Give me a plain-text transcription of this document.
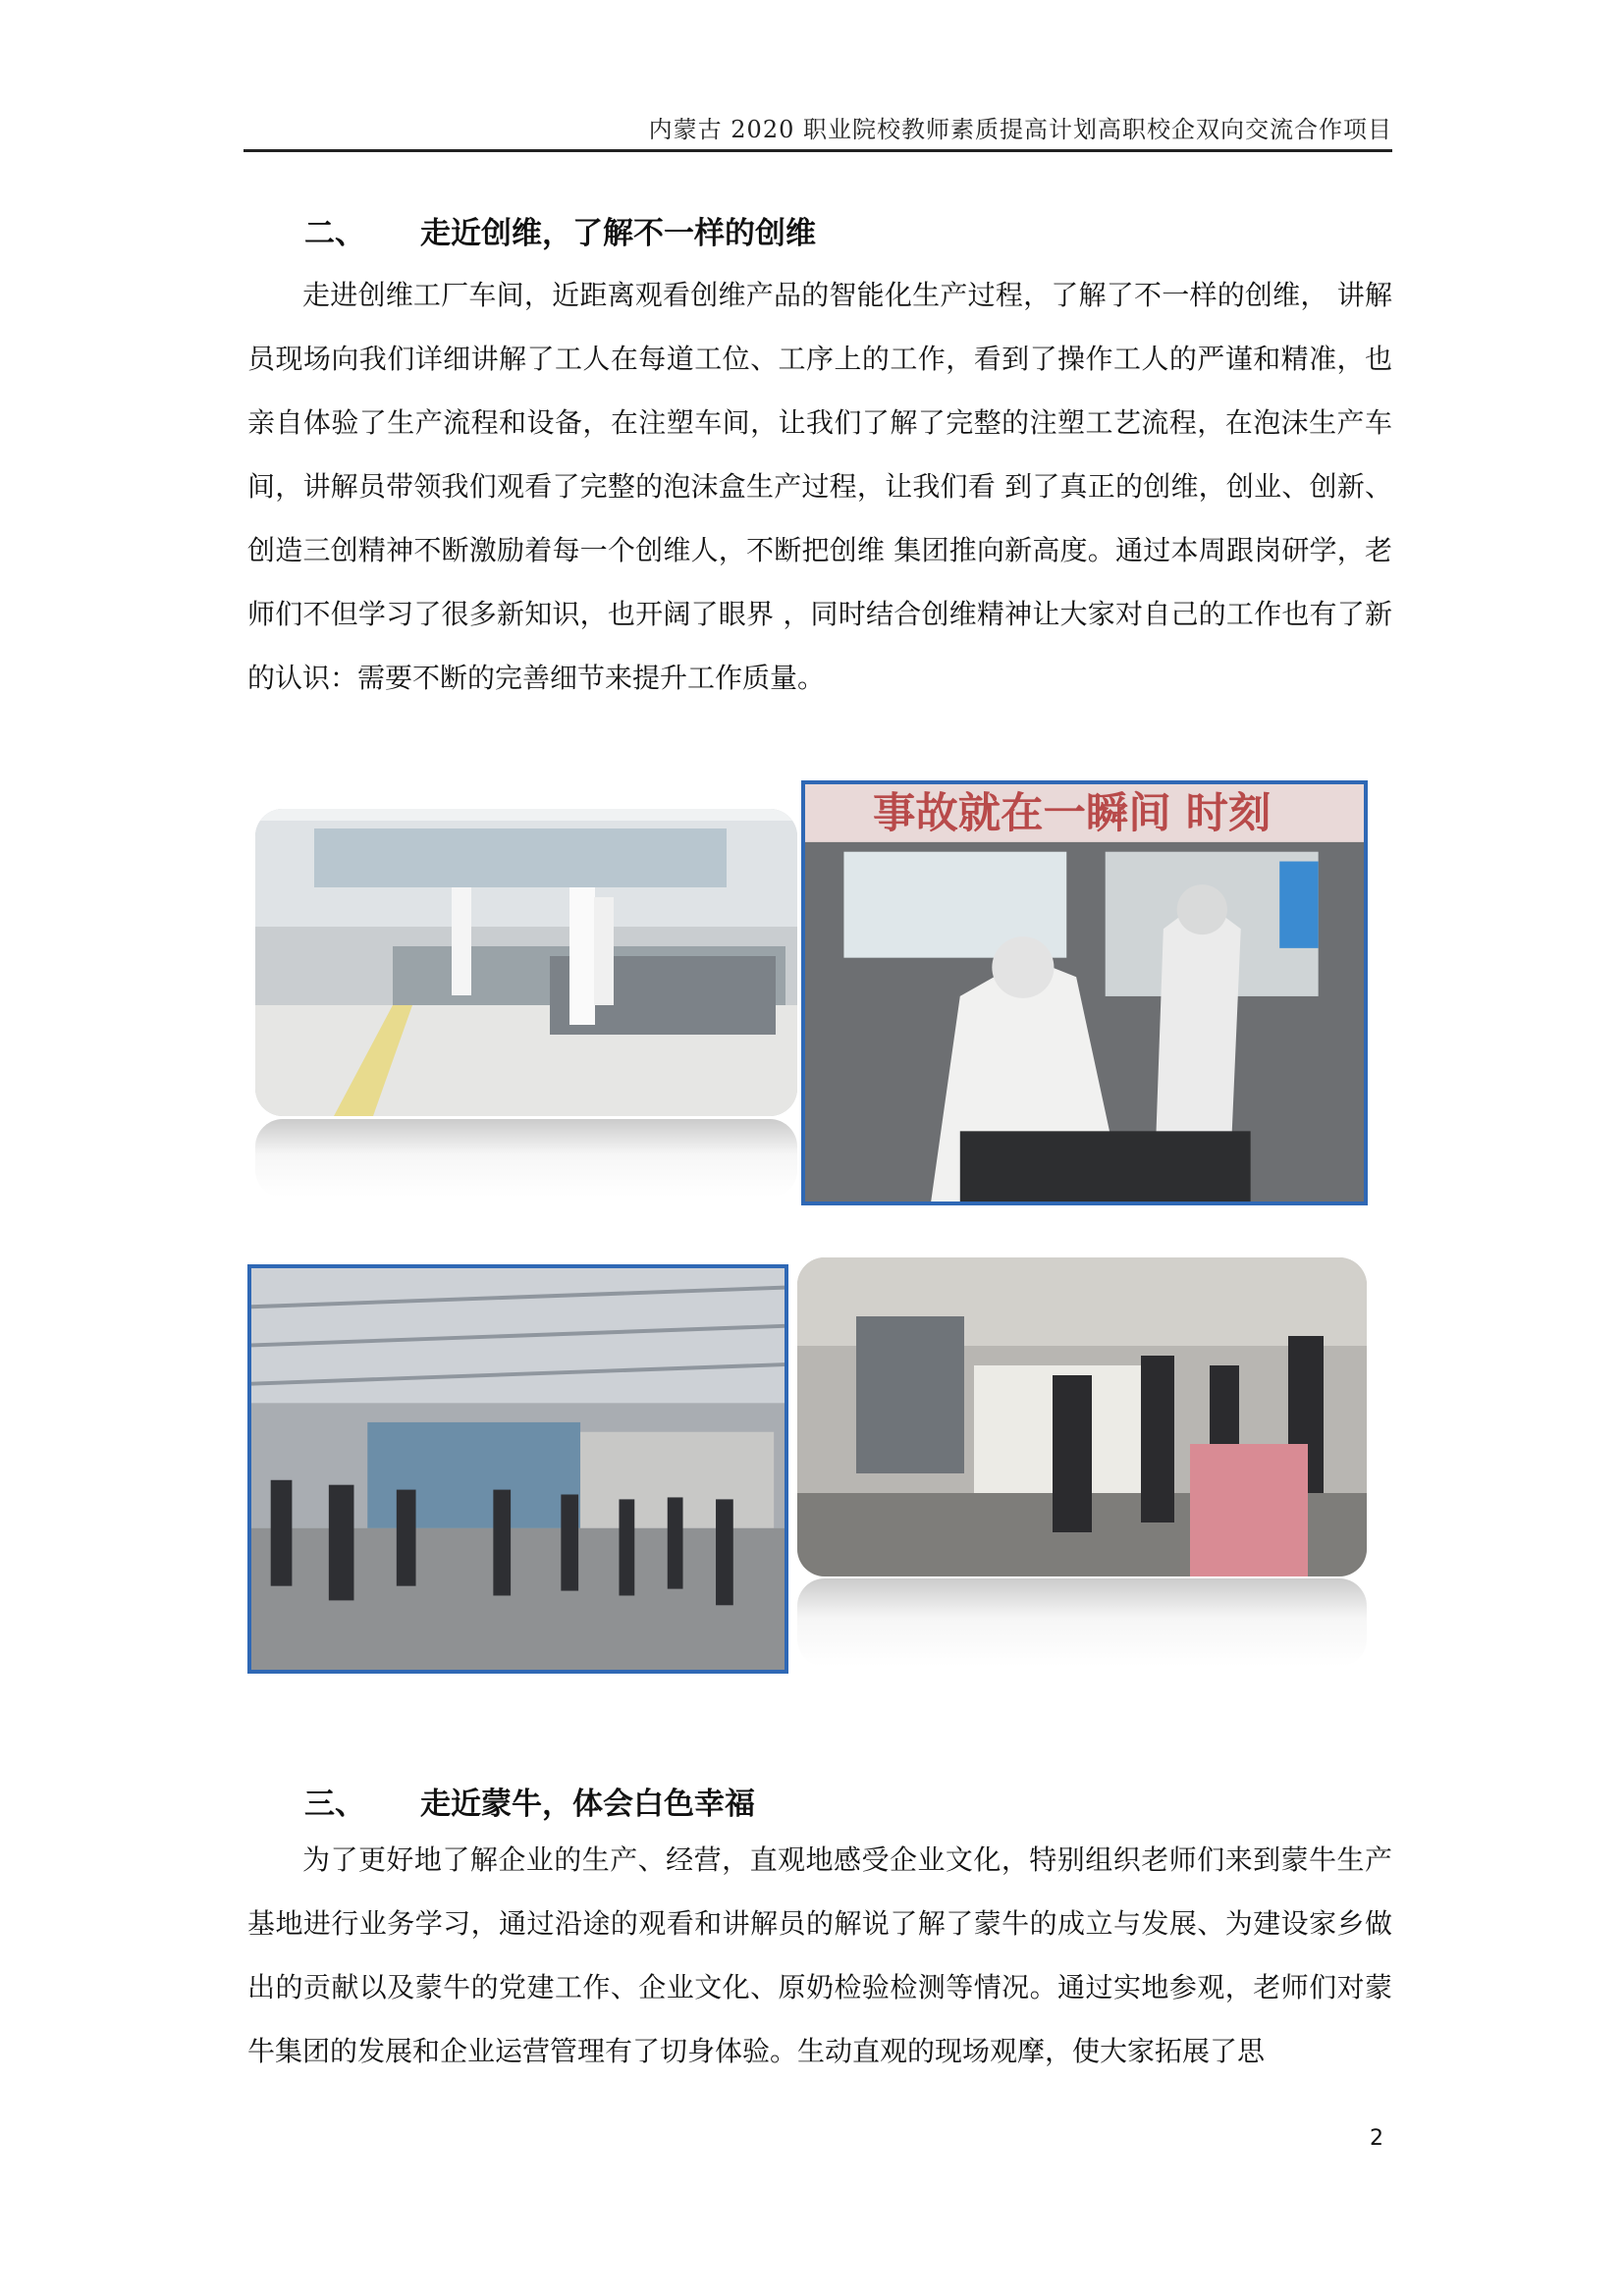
内蒙古 2020 职业院校教师素质提高计划高职校企双向交流合作项目
二、 走近创维，了解不一样的创维

走进创维工厂车间，近距离观看创维产品的智能化生产过程，了解了不一样的创维， 讲解员现场向我们详细讲解了工人在每道工位、工序上的工作，看到了操作工人的严谨和精准，也亲自体验了生产流程和设备，在注塑车间，让我们了解了完整的注塑工艺流程，在泡沫生产车间，讲解员带领我们观看了完整的泡沫盒生产过程，让我们看 到了真正的创维，创业、创新、创造三创精神不断激励着每一个创维人，不断把创维 集团推向新高度。通过本周跟岗研学，老师们不但学习了很多新知识，也开阔了眼界 ，同时结合创维精神让大家对自己的工作也有了新的认识：需要不断的完善细节来提升工作质量。

事故就在一瞬间 时刻
三、 走近蒙牛，体会白色幸福

为了更好地了解企业的生产、经营，直观地感受企业文化，特别组织老师们来到蒙牛生产基地进行业务学习，通过沿途的观看和讲解员的解说了解了蒙牛的成立与发展、为建设家乡做出的贡献以及蒙牛的党建工作、企业文化、原奶检验检测等情况。通过实地参观，老师们对蒙牛集团的发展和企业运营管理有了切身体验。生动直观的现场观摩，使大家拓展了思

2
